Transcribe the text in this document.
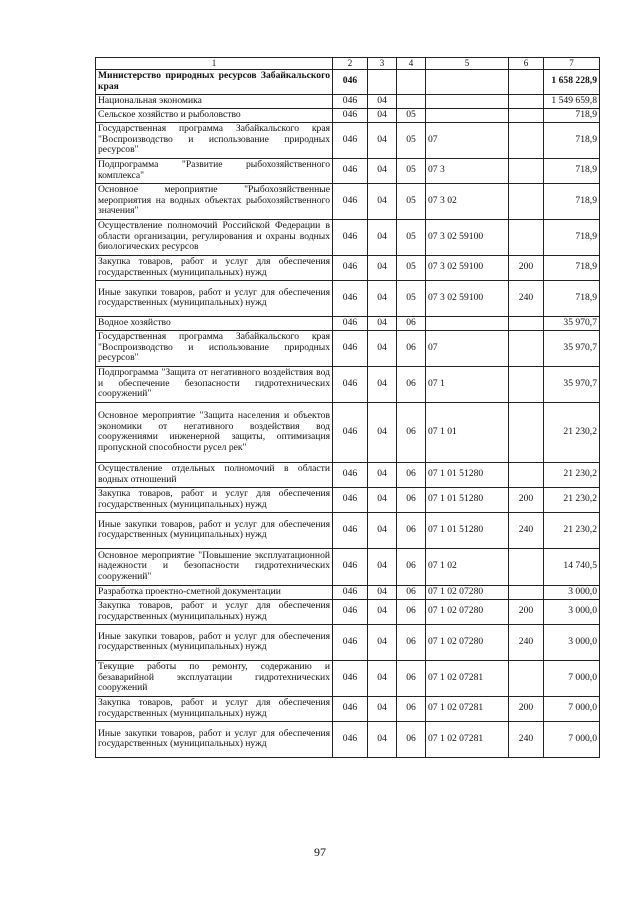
1	2	3	4	5	6	7
Министерство природных ресурсов Забайкальского края	046					1 658 228,9
Национальная экономика	046	04				1 549 659,8
Сельское хозяйство и рыболовство	046	04	05			718,9
Государственная программа Забайкальского края "Воспроизводство и использование природных ресурсов"	046	04	05	07		718,9
Подпрограмма "Развитие рыбохозяйственного комплекса"	046	04	05	07 3		718,9
Основное мероприятие "Рыбохозяйственные мероприятия на водных объектах рыбохозяйственного значения"	046	04	05	07 3 02		718,9
Осуществление полномочий Российской Федерации в области организации, регулирования и охраны водных биологических ресурсов	046	04	05	07 3 02 59100		718,9
Закупка товаров, работ и услуг для обеспечения государственных (муниципальных) нужд	046	04	05	07 3 02 59100	200	718,9
Иные закупки товаров, работ и услуг для обеспечения государственных (муниципальных) нужд	046	04	05	07 3 02 59100	240	718,9
Водное хозяйство	046	04	06			35 970,7
Государственная программа Забайкальского края "Воспроизводство и использование природных ресурсов"	046	04	06	07		35 970,7
Подпрограмма "Защита от негативного воздействия вод и обеспечение безопасности гидротехнических сооружений"	046	04	06	07 1		35 970,7
Основное мероприятие "Защита населения и объектов экономики от негативного воздействия вод сооружениями инженерной защиты, оптимизация пропускной способности русел рек"	046	04	06	07 1 01		21 230,2
Осуществление отдельных полномочий в области водных отношений	046	04	06	07 1 01 51280		21 230,2
Закупка товаров, работ и услуг для обеспечения государственных (муниципальных) нужд	046	04	06	07 1 01 51280	200	21 230,2
Иные закупки товаров, работ и услуг для обеспечения государственных (муниципальных) нужд	046	04	06	07 1 01 51280	240	21 230,2
Основное мероприятие "Повышение эксплуатационной надежности и безопасности гидротехнических сооружений"	046	04	06	07 1 02		14 740,5
Разработка проектно-сметной документации	046	04	06	07 1 02 07280		3 000,0
Закупка товаров, работ и услуг для обеспечения государственных (муниципальных) нужд	046	04	06	07 1 02 07280	200	3 000,0
Иные закупки товаров, работ и услуг для обеспечения государственных (муниципальных) нужд	046	04	06	07 1 02 07280	240	3 000,0
Текущие работы по ремонту, содержанию и безаварийной эксплуатации гидротехнических сооружений	046	04	06	07 1 02 07281		7 000,0
Закупка товаров, работ и услуг для обеспечения государственных (муниципальных) нужд	046	04	06	07 1 02 07281	200	7 000,0
Иные закупки товаров, работ и услуг для обеспечения государственных (муниципальных) нужд	046	04	06	07 1 02 07281	240	7 000,0
97
